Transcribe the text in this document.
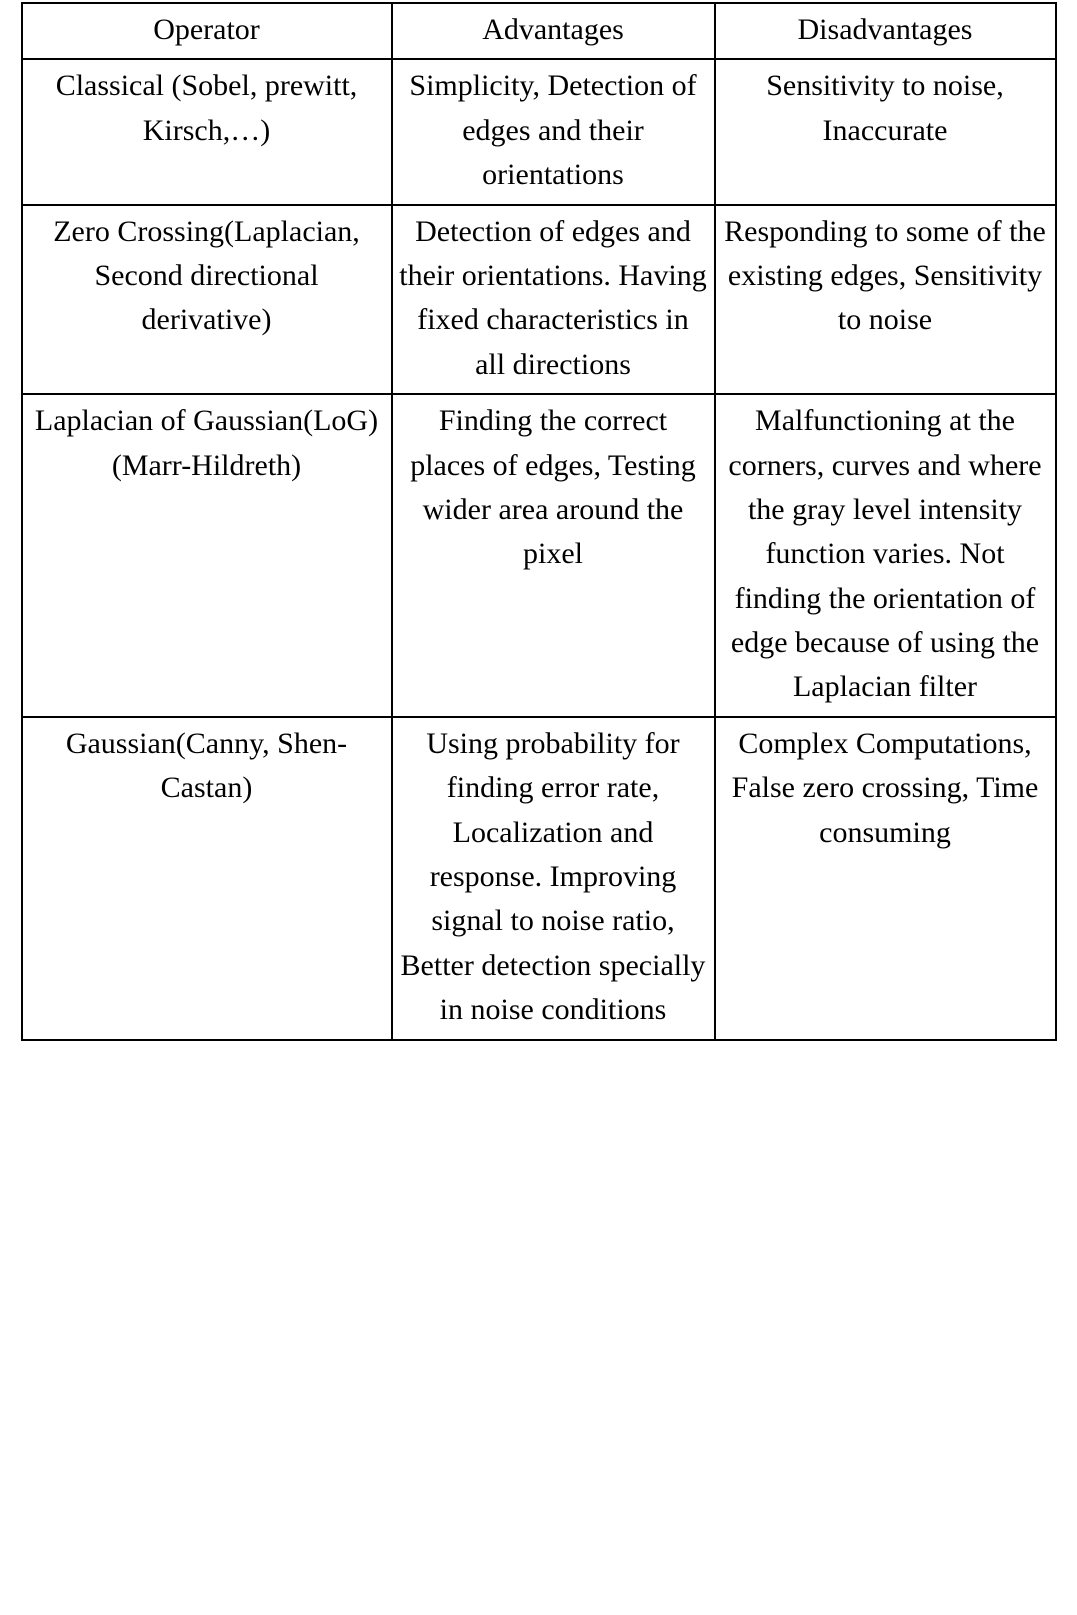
Operator	Advantages	Disadvantages

Classical (Sobel, prewitt, Kirsch,…)	Simplicity, Detection of edges and their orientations	Sensitivity to noise, Inaccurate

Zero Crossing(Laplacian, Second directional derivative)	Detection of edges and their orientations. Having fixed characteristics in all directions	Responding to some of the existing edges, Sensitivity to noise

Laplacian of Gaussian(LoG) (Marr-Hildreth)	Finding the correct places of edges, Testing wider area around the pixel	Malfunctioning at the corners, curves and where the gray level intensity function varies. Not finding the orientation of edge because of using the Laplacian filter

Gaussian(Canny, Shen-Castan)	Using probability for finding error rate, Localization and response. Improving signal to noise ratio, Better detection specially in noise conditions	Complex Computations, False zero crossing, Time consuming
